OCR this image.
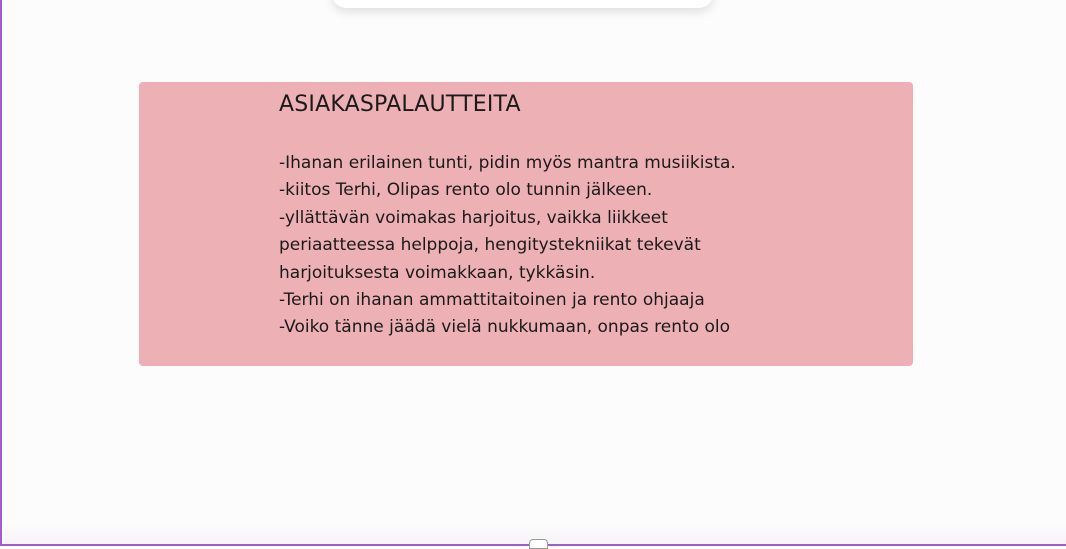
ASIAKASPALAUTTEITA
-Ihanan erilainen tunti, pidin myös mantra musiikista.
-kiitos Terhi, Olipas rento olo tunnin jälkeen.
-yllättävän voimakas harjoitus, vaikka liikkeet
periaatteessa helppoja, hengitystekniikat tekevät
harjoituksesta voimakkaan, tykkäsin.
-Terhi on ihanan ammattitaitoinen ja rento ohjaaja
-Voiko tänne jäädä vielä nukkumaan, onpas rento olo
